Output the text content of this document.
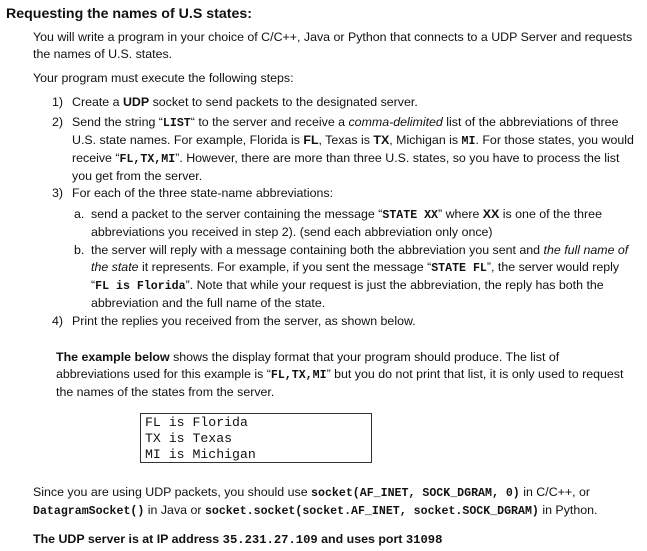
Requesting the names of U.S states:
You will write a program in your choice of C/C++, Java or Python that connects to a UDP Server and requests the names of U.S. states.
Your program must execute the following steps:
1) Create a UDP socket to send packets to the designated server.
2) Send the string “LIST“ to the server and receive a comma-delimited list of the abbreviations of three U.S. state names. For example, Florida is FL, Texas is TX, Michigan is MI. For those states, you would receive “FL,TX,MI”. However, there are more than three U.S. states, so you have to process the list you get from the server.
3) For each of the three state-name abbreviations:
a. send a packet to the server containing the message “STATE XX” where XX is one of the three abbreviations you received in step 2). (send each abbreviation only once)
b. the server will reply with a message containing both the abbreviation you sent and the full name of the state it represents. For example, if you sent the message “STATE FL”, the server would reply “FL is Florida”. Note that while your request is just the abbreviation, the reply has both the abbreviation and the full name of the state.
4) Print the replies you received from the server, as shown below.
The example below shows the display format that your program should produce. The list of abbreviations used for this example is “FL,TX,MI” but you do not print that list, it is only used to request the names of the states from the server.
FL is Florida
TX is Texas
MI is Michigan
Since you are using UDP packets, you should use socket(AF_INET, SOCK_DGRAM, 0) in C/C++, or DatagramSocket() in Java or socket.socket(socket.AF_INET, socket.SOCK_DGRAM) in Python.
The UDP server is at IP address 35.231.27.109 and uses port 31098
